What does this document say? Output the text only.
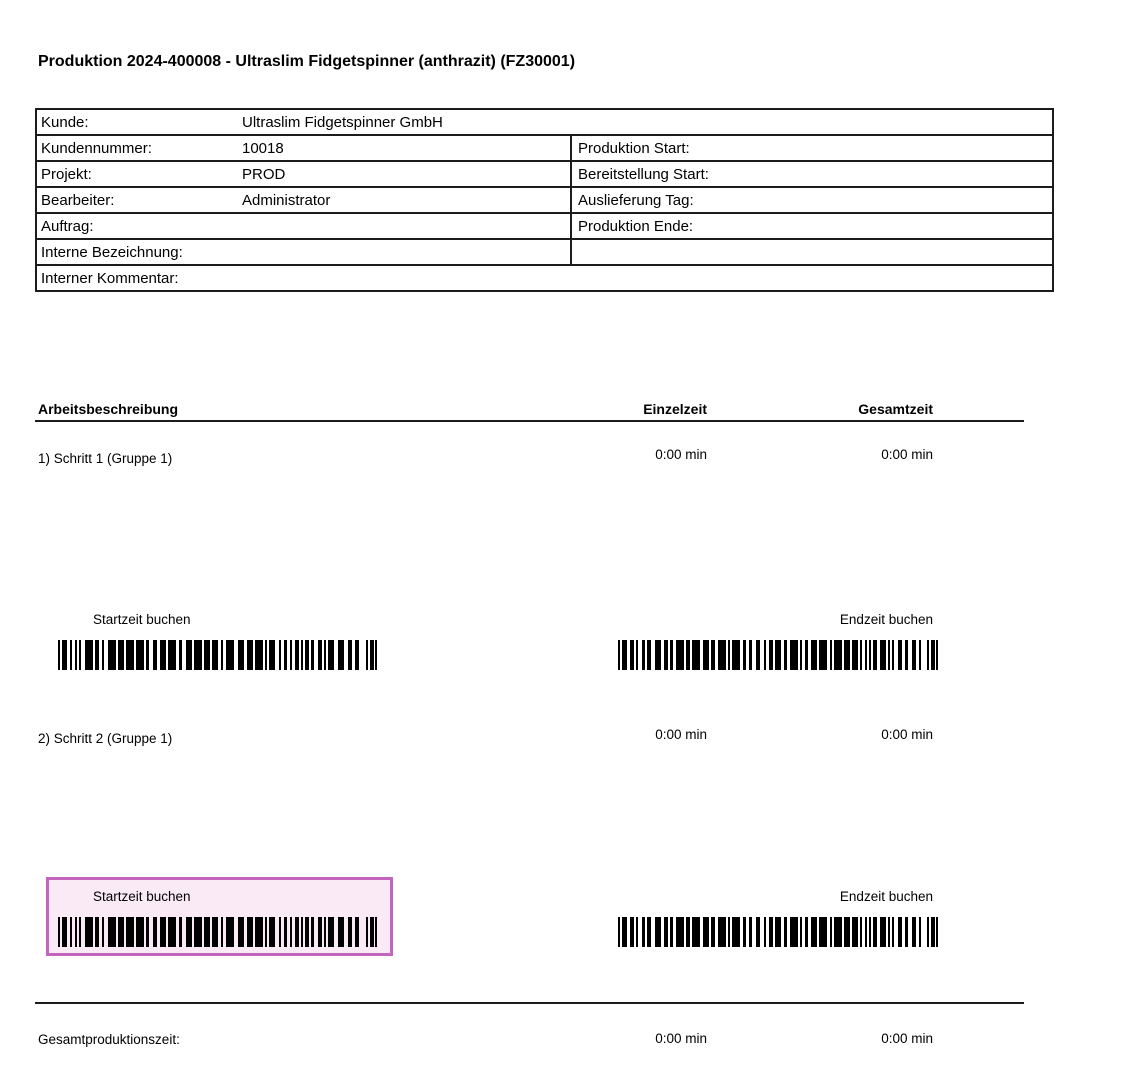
Produktion 2024-400008 - Ultraslim Fidgetspinner (anthrazit) (FZ30001)
Kunde:	Ultraslim Fidgetspinner GmbH		
Kundennummer:	10018	Produktion Start:	
Projekt:	PROD	Bereitstellung Start:	
Bearbeiter:	Administrator	Auslieferung Tag:	
Auftrag:		Produktion Ende:	
Interne Bezeichnung:			
Interner Kommentar:			
Arbeitsbeschreibung	Einzelzeit	Gesamtzeit
1) Schritt 1 (Gruppe 1)	0:00 min	0:00 min
Startzeit buchen	Endzeit buchen
2) Schritt 2 (Gruppe 1)	0:00 min	0:00 min
Startzeit buchen	Endzeit buchen
Gesamtproduktionszeit:	0:00 min	0:00 min
